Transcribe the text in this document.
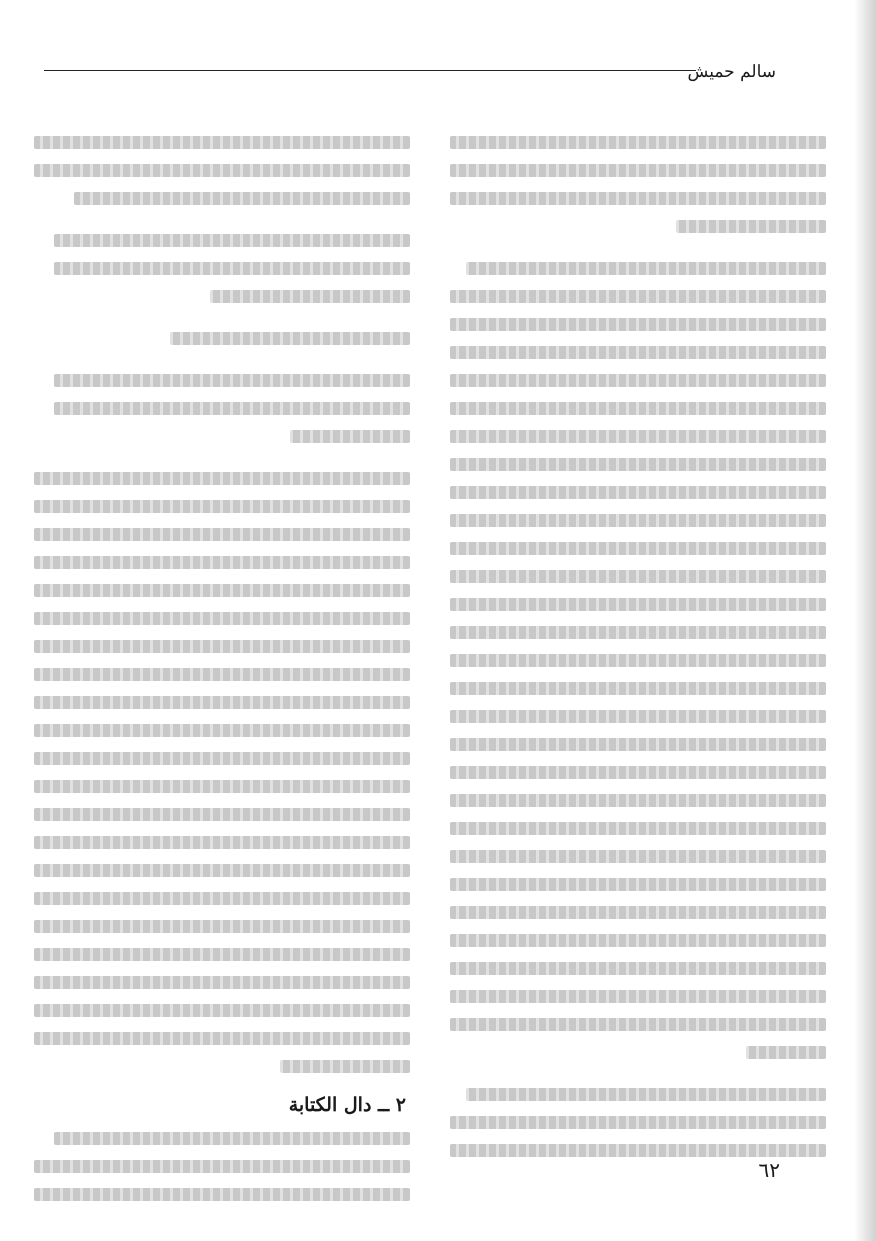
سالم حميش
٢ ــ دال الكتابة
٦٢
